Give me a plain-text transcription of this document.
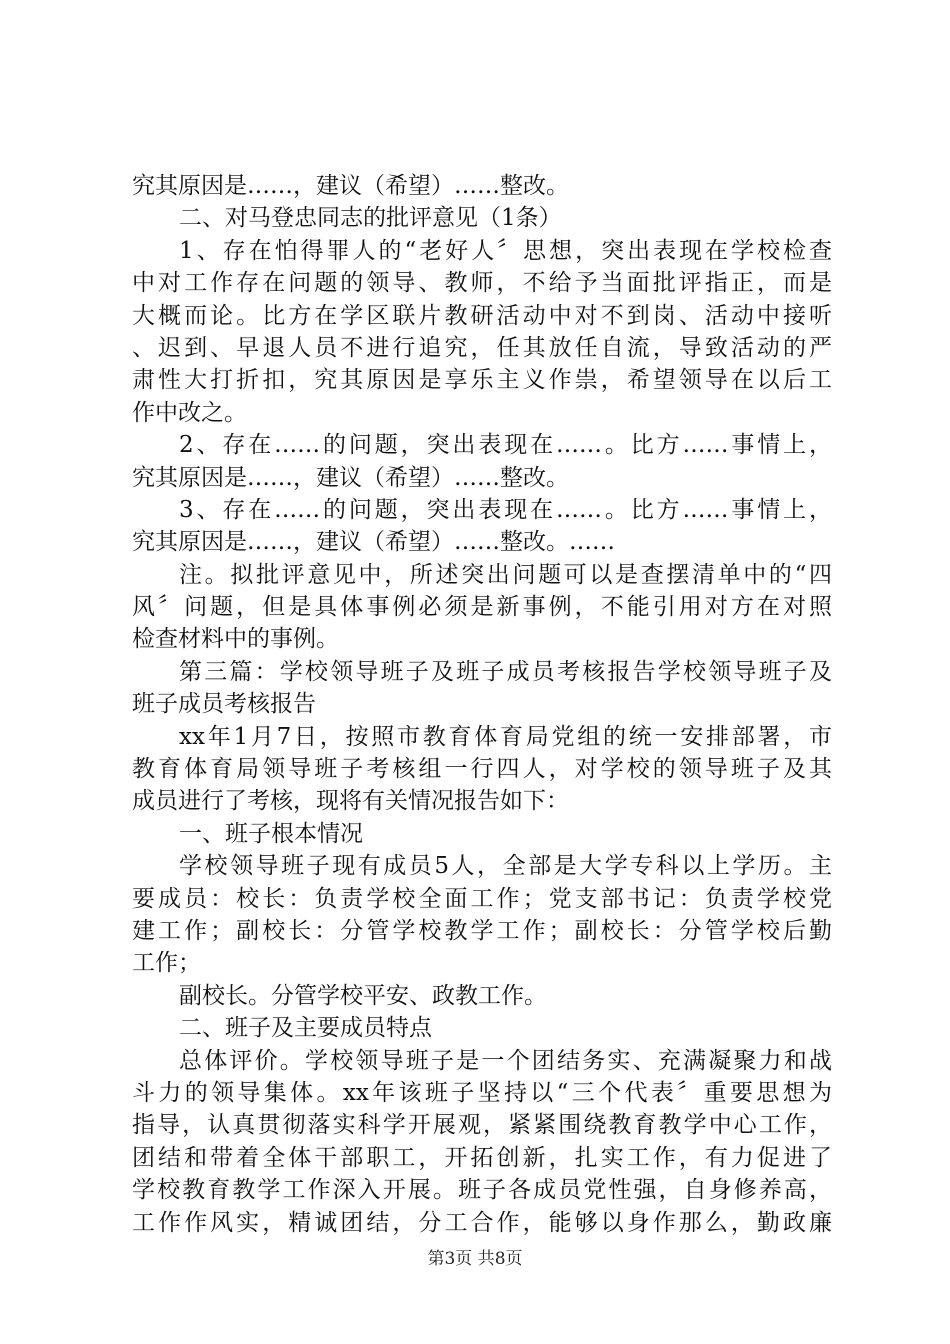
究其原因是……，建议（希望）……整改。
二、对马登忠同志的批评意见（1条）
1、存在怕得罪人的“老好人〞思想，突出表现在学校检查
中对工作存在问题的领导、教师，不给予当面批评指正，而是
大概而论。比方在学区联片教研活动中对不到岗、活动中接听
、迟到、早退人员不进行追究，任其放任自流，导致活动的严
肃性大打折扣，究其原因是享乐主义作祟，希望领导在以后工
作中改之。
2、存在……的问题，突出表现在……。比方……事情上，
究其原因是……，建议（希望）……整改。
3、存在……的问题，突出表现在……。比方……事情上，
究其原因是……，建议（希望）……整改。……
注。拟批评意见中，所述突出问题可以是查摆清单中的“四
风〞问题，但是具体事例必须是新事例，不能引用对方在对照
检查材料中的事例。
第三篇：学校领导班子及班子成员考核报告学校领导班子及
班子成员考核报告
xx年1月7日，按照市教育体育局党组的统一安排部署，市
教育体育局领导班子考核组一行四人，对学校的领导班子及其
成员进行了考核，现将有关情况报告如下：
一、班子根本情况
学校领导班子现有成员5人，全部是大学专科以上学历。主
要成员：校长：负责学校全面工作；党支部书记：负责学校党
建工作；副校长：分管学校教学工作；副校长：分管学校后勤
工作；
副校长。分管学校平安、政教工作。
二、班子及主要成员特点
总体评价。学校领导班子是一个团结务实、充满凝聚力和战
斗力的领导集体。xx年该班子坚持以“三个代表〞重要思想为
指导，认真贯彻落实科学开展观，紧紧围绕教育教学中心工作，
团结和带着全体干部职工，开拓创新，扎实工作，有力促进了
学校教育教学工作深入开展。班子各成员党性强，自身修养高，
工作作风实，精诚团结，分工合作，能够以身作那么，勤政廉
第3页 共8页
